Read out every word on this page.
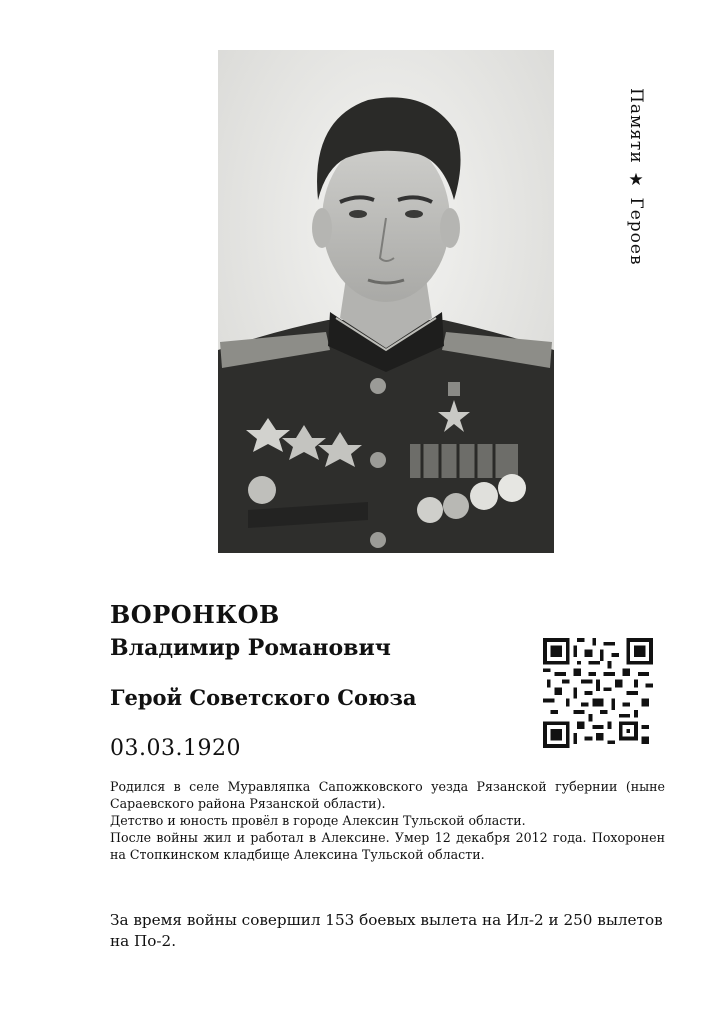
Памяти ★ Героев
ВОРОНКОВ
Владимир Романович
Герой Советского Союза
03.03.1920

Родился в селе Муравляпка Сапожковского уезда Рязанской губернии (ныне Сараевского района Рязанской области).

Детство и юность провёл в городе Алексин Тульской области.

После войны жил и работал в Алексине. Умер 12 декабря 2012 года. Похоронен на Стопкинском кладбище Алексина Тульской области.

За время войны совершил 153 боевых вылета на Ил-2 и 250 вылетов на По-2.
